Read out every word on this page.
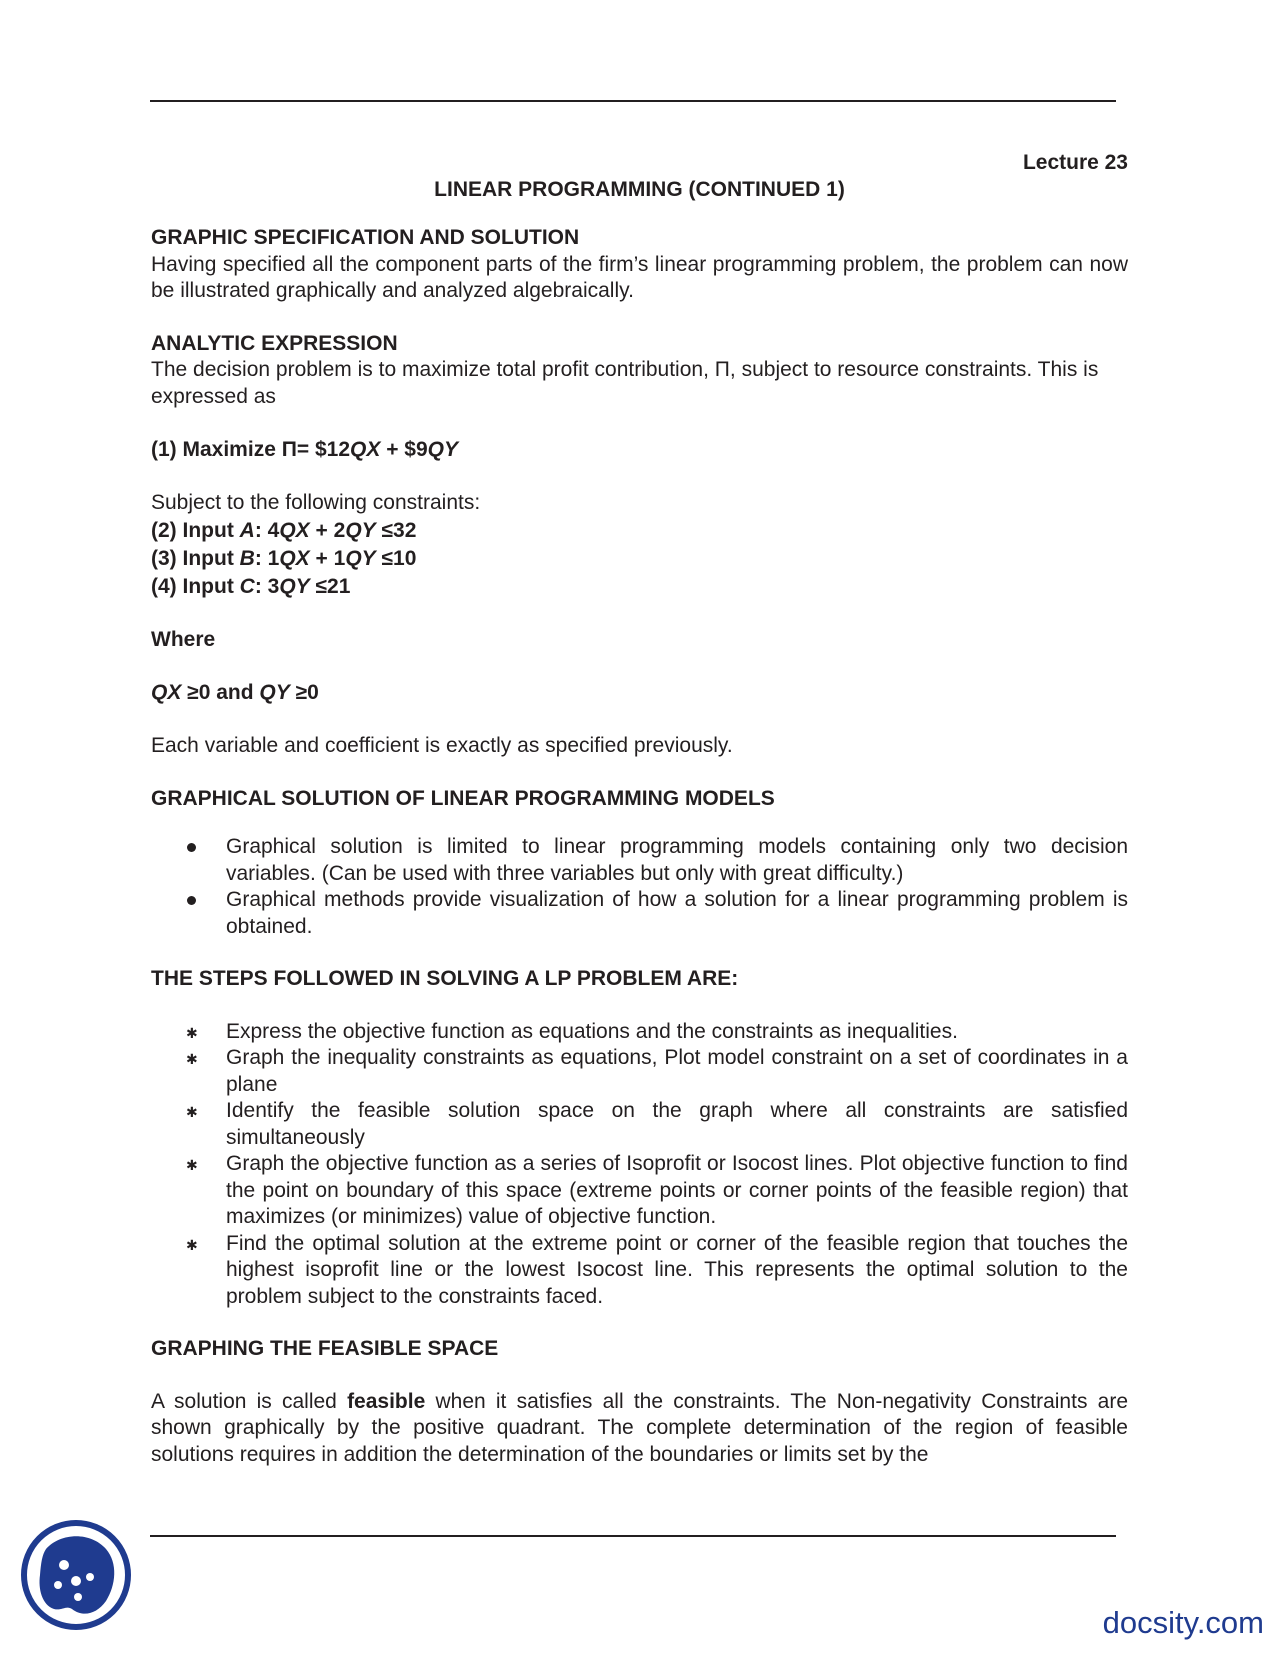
Lecture 23

LINEAR PROGRAMMING (CONTINUED 1)

GRAPHIC SPECIFICATION AND SOLUTION

Having specified all the component parts of the firm’s linear programming problem, the problem can now be illustrated graphically and analyzed algebraically.

ANALYTIC EXPRESSION

The decision problem is to maximize total profit contribution, Π, subject to resource constraints. This is expressed as

(1) Maximize Π= $12QX + $9QY

Subject to the following constraints:

(2) Input A: 4QX + 2QY ≤32

(3) Input B: 1QX + 1QY ≤10

(4) Input C: 3QY ≤21

Where

QX ≥0 and QY ≥0

Each variable and coefficient is exactly as specified previously.

GRAPHICAL SOLUTION OF LINEAR PROGRAMMING MODELS

Graphical solution is limited to linear programming models containing only two decision variables. (Can be used with three variables but only with great difficulty.)
Graphical methods provide visualization of how a solution for a linear programming problem is obtained.

THE STEPS FOLLOWED IN SOLVING A LP PROBLEM ARE:

✱ Express the objective function as equations and the constraints as inequalities.
✱ Graph the inequality constraints as equations, Plot model constraint on a set of coordinates in a plane
✱ Identify the feasible solution space on the graph where all constraints are satisfied simultaneously
✱ Graph the objective function as a series of Isoprofit or Isocost lines. Plot objective function to find the point on boundary of this space (extreme points or corner points of the feasible region) that maximizes (or minimizes) value of objective function.
✱ Find the optimal solution at the extreme point or corner of the feasible region that touches the highest isoprofit line or the lowest Isocost line. This represents the optimal solution to the problem subject to the constraints faced.

GRAPHING THE FEASIBLE SPACE

A solution is called feasible when it satisfies all the constraints. The Non-negativity Constraints are shown graphically by the positive quadrant. The complete determination of the region of feasible solutions requires in addition the determination of the boundaries or limits set by the

docsity.com
